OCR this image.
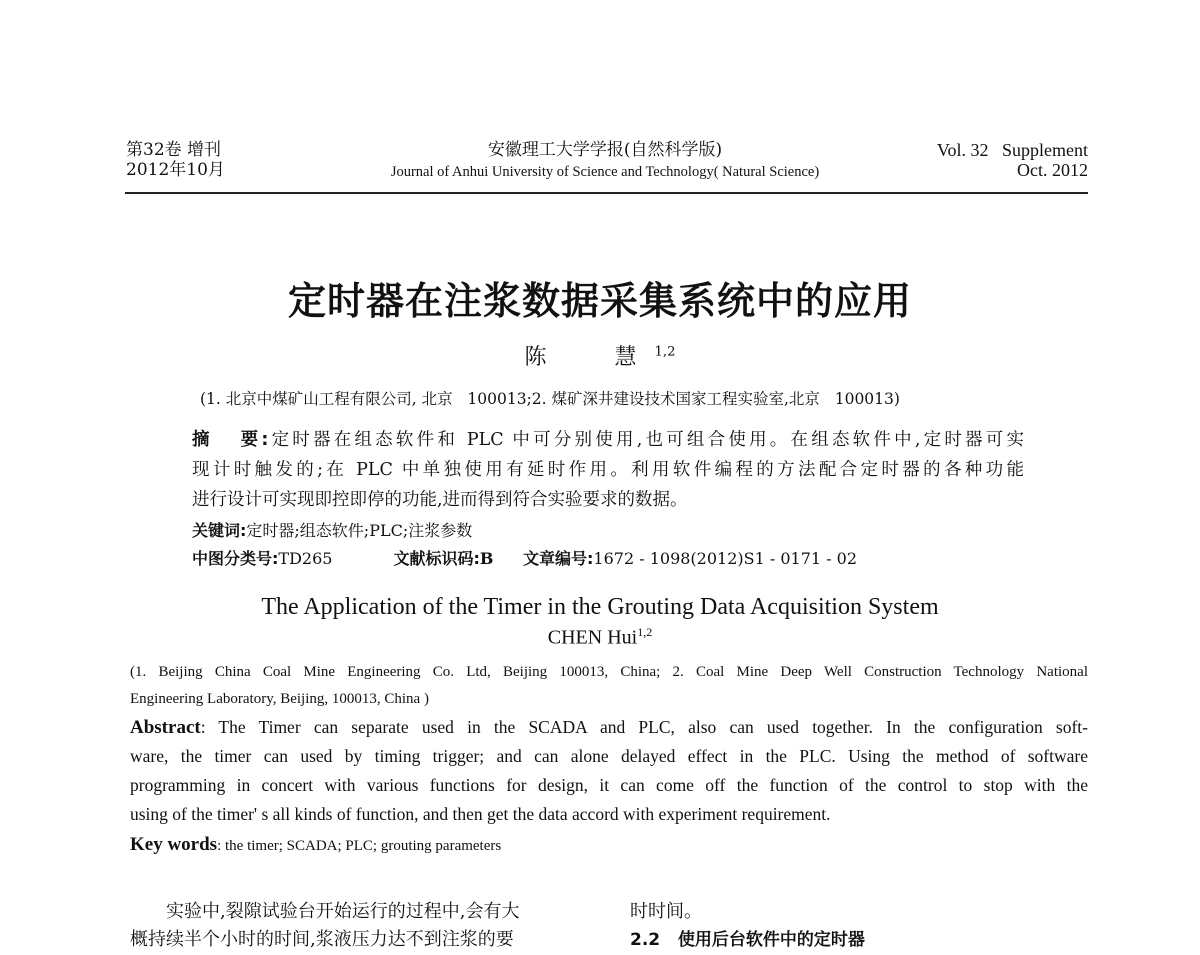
第32卷 增刊
2012年10月
安徽理工大学学报(自然科学版)
Journal of Anhui University of Science and Technology( Natural Science)
Vol. 32   Supplement
Oct. 2012
定时器在注浆数据采集系统中的应用
陈  慧$^{1,2}$
(1. 北京中煤矿山工程有限公司, 北京   100013;2. 煤矿深井建设技术国家工程实验室,北京   100013)
摘   要:定时器在组态软件和 PLC 中可分别使用,也可组合使用。在组态软件中,定时器可实
现计时触发的;在 PLC 中单独使用有延时作用。利用软件编程的方法配合定时器的各种功能
进行设计可实现即控即停的功能,进而得到符合实验要求的数据。
关键词:定时器;组态软件;PLC;注浆参数
中图分类号:TD265	文献标识码:B 文章编号:1672 - 1098(2012)S1 - 0171 - 02
The Application of the Timer in the Grouting Data Acquisition System
CHEN Hui$^{1,2}$
(1. Beijing China Coal Mine Engineering Co. Ltd, Beijing 100013, China; 2. Coal Mine Deep Well Construction Technology National
Engineering Laboratory, Beijing, 100013, China )
Abstract: The Timer can separate used in the SCADA and PLC, also can used together. In the configuration soft-
ware, the timer can used by timing trigger; and can alone delayed effect in the PLC. Using the method of software
programming in concert with various functions for design, it can come off the function of the control to stop with the
using of the timer' s all kinds of function, and then get the data accord with experiment requirement.
Key words: the timer; SCADA; PLC; grouting parameters
实验中,裂隙试验台开始运行的过程中,会有大
概持续半个小时的时间,浆液压力达不到注浆的要
时时间。
2.2   使用后台软件中的定时器
